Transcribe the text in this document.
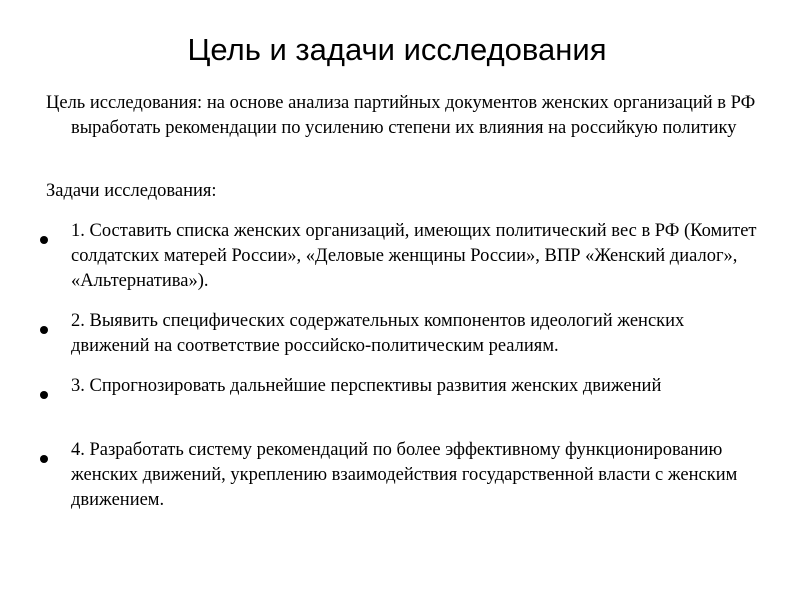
Цель и задачи исследования

Цель исследования: на основе анализа партийных документов женских организаций в РФ выработать рекомендации по усилению степени их влияния на российкую политику

Задачи исследования:

1. Составить списка женских организаций, имеющих политический вес в РФ (Комитет солдатских матерей России», «Деловые женщины России», ВПР «Женский диалог», «Альтернатива»).

2. Выявить специфических содержательных компонентов идеологий женских движений на соответствие российско-политическим реалиям.

3. Спрогнозировать дальнейшие перспективы развития женских движений

4. Разработать систему рекомендаций по более эффективному функционированию женских движений, укреплению взаимодействия государственной власти с женским движением.
